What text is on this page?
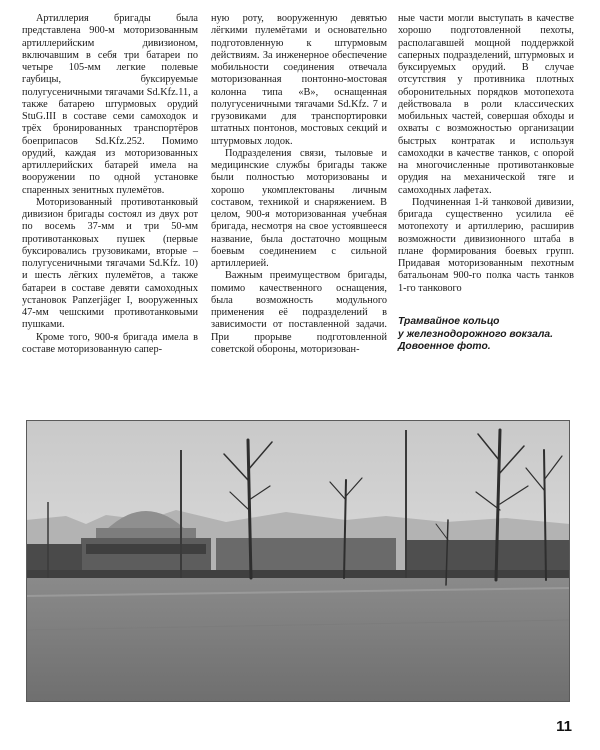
Артиллерия бригады была представлена 900-м моторизованным артиллерийским дивизионом, включавшим в себя три батареи по четыре 105-мм легкие полевые гаубицы, буксируемые полугусеничными тягачами Sd.Kfz.11, а также батарею штурмовых орудий StuG.III в составе семи самоходок и трёх бронированных транспортёров боеприпасов Sd.Kfz.252. Помимо орудий, каждая из моторизованных артиллерийских батарей имела на вооружении по одной установке спаренных зенитных пулемётов.

Моторизованный противотанковый дивизион бригады состоял из двух рот по восемь 37-мм и три 50-мм противотанковых пушек (первые буксировались грузовиками, вторые – полугусеничными тягачами Sd.Kfz. 10) и шесть лёгких пулемётов, а также батареи в составе девяти самоходных установок Panzerjäger I, вооруженных 47-мм чешскими противотанковыми пушками.

Кроме того, 900-я бригада имела в составе моторизованную сапер-

ную роту, вооруженную девятью лёгкими пулемётами и основательно подготовленную к штурмовым действиям. За инженерное обеспечение мобильности соединения отвечала моторизованная понтонно-мостовая колонна типа «В», оснащенная полугусеничными тягачами Sd.Kfz. 7 и грузовиками для транспортировки штатных понтонов, мостовых секций и штурмовых лодок.

Подразделения связи, тыловые и медицинские службы бригады также были полностью моторизованы и хорошо укомплектованы личным составом, техникой и снаряжением. В целом, 900-я моторизованная учебная бригада, несмотря на свое устоявшееся название, была достаточно мощным боевым соединением с сильной артиллерией.

Важным преимуществом бригады, помимо качественного оснащения, была возможность модульного применения её подразделений в зависимости от поставленной задачи. При прорыве подготовленной советской обороны, моторизован-

ные части могли выступать в качестве хорошо подготовленной пехоты, располагавшей мощной поддержкой саперных подразделений, штурмовых и буксируемых орудий. В случае отсутствия у противника плотных оборонительных порядков мотопехота действовала в роли классических мобильных частей, совершая обходы и охваты с возможностью организации быстрых контратак и используя самоходки в качестве танков, с опорой на многочисленные противотанковые орудия на механической тяге и самоходных лафетах.

Подчиненная 1-й танковой дивизии, бригада существенно усилила её мотопехоту и артиллерию, расширив возможности дивизионного штаба в плане формирования боевых групп. Придавая моторизованным пехотным батальонам 900-го полка часть танков 1-го танкового

Трамвайное кольцо
у железнодорожного вокзала.
Довоенное фото.
11
